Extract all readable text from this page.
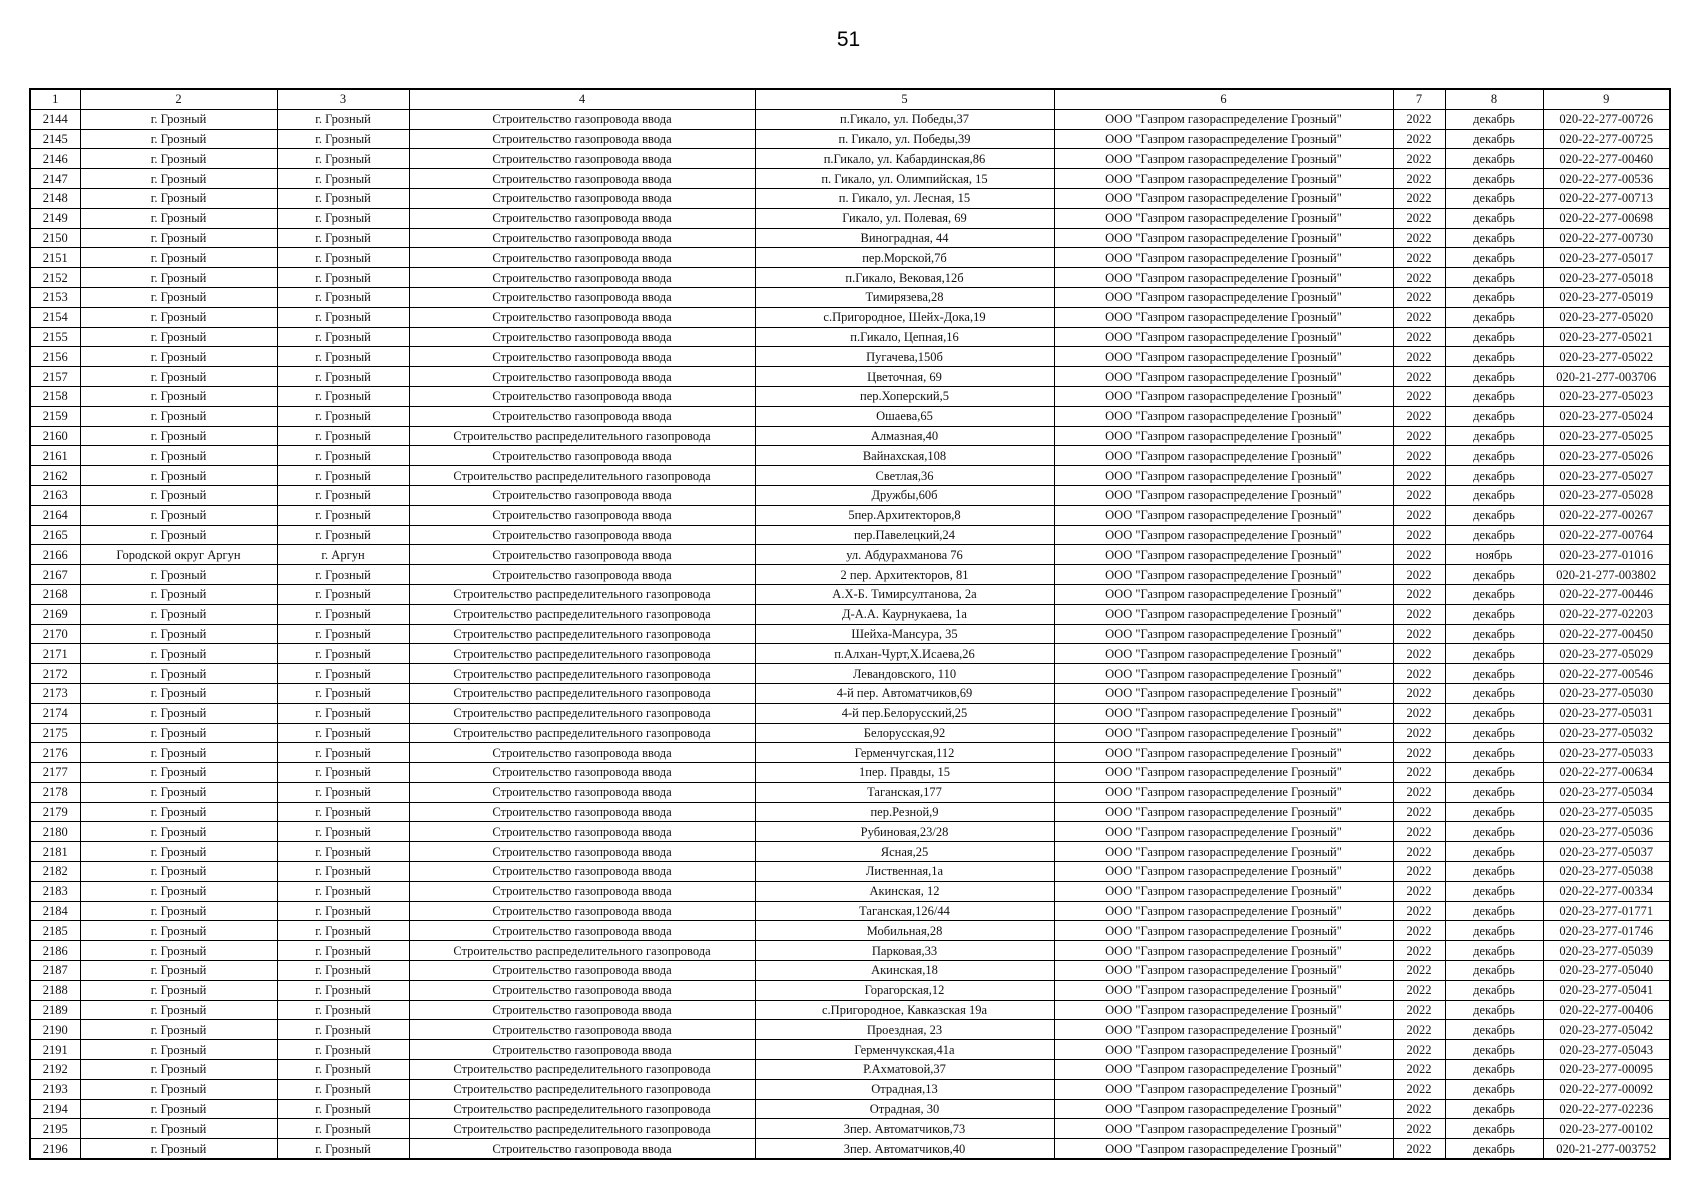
51
1	2	3	4	5	6	7	8	9
2144	г. Грозный	г. Грозный	Строительство газопровода ввода	п.Гикало, ул. Победы,37	ООО "Газпром газораспределение Грозный"	2022	декабрь	020-22-277-00726
2145	г. Грозный	г. Грозный	Строительство газопровода ввода	п. Гикало, ул. Победы,39	ООО "Газпром газораспределение Грозный"	2022	декабрь	020-22-277-00725
2146	г. Грозный	г. Грозный	Строительство газопровода ввода	п.Гикало, ул. Кабардинская,86	ООО "Газпром газораспределение Грозный"	2022	декабрь	020-22-277-00460
2147	г. Грозный	г. Грозный	Строительство газопровода ввода	п. Гикало, ул. Олимпийская, 15	ООО "Газпром газораспределение Грозный"	2022	декабрь	020-22-277-00536
2148	г. Грозный	г. Грозный	Строительство газопровода ввода	п. Гикало, ул. Лесная, 15	ООО "Газпром газораспределение Грозный"	2022	декабрь	020-22-277-00713
2149	г. Грозный	г. Грозный	Строительство газопровода ввода	Гикало, ул. Полевая, 69	ООО "Газпром газораспределение Грозный"	2022	декабрь	020-22-277-00698
2150	г. Грозный	г. Грозный	Строительство газопровода ввода	Виноградная, 44	ООО "Газпром газораспределение Грозный"	2022	декабрь	020-22-277-00730
2151	г. Грозный	г. Грозный	Строительство газопровода ввода	пер.Морской,7б	ООО "Газпром газораспределение Грозный"	2022	декабрь	020-23-277-05017
2152	г. Грозный	г. Грозный	Строительство газопровода ввода	п.Гикало, Вековая,12б	ООО "Газпром газораспределение Грозный"	2022	декабрь	020-23-277-05018
2153	г. Грозный	г. Грозный	Строительство газопровода ввода	Тимирязева,28	ООО "Газпром газораспределение Грозный"	2022	декабрь	020-23-277-05019
2154	г. Грозный	г. Грозный	Строительство газопровода ввода	с.Пригородное, Шейх-Дока,19	ООО "Газпром газораспределение Грозный"	2022	декабрь	020-23-277-05020
2155	г. Грозный	г. Грозный	Строительство газопровода ввода	п.Гикало, Цепная,16	ООО "Газпром газораспределение Грозный"	2022	декабрь	020-23-277-05021
2156	г. Грозный	г. Грозный	Строительство газопровода ввода	Пугачева,150б	ООО "Газпром газораспределение Грозный"	2022	декабрь	020-23-277-05022
2157	г. Грозный	г. Грозный	Строительство газопровода ввода	Цветочная, 69	ООО "Газпром газораспределение Грозный"	2022	декабрь	020-21-277-003706
2158	г. Грозный	г. Грозный	Строительство газопровода ввода	пер.Хоперский,5	ООО "Газпром газораспределение Грозный"	2022	декабрь	020-23-277-05023
2159	г. Грозный	г. Грозный	Строительство газопровода ввода	Ошаева,65	ООО "Газпром газораспределение Грозный"	2022	декабрь	020-23-277-05024
2160	г. Грозный	г. Грозный	Строительство распределительного газопровода	Алмазная,40	ООО "Газпром газораспределение Грозный"	2022	декабрь	020-23-277-05025
2161	г. Грозный	г. Грозный	Строительство газопровода ввода	Вайнахская,108	ООО "Газпром газораспределение Грозный"	2022	декабрь	020-23-277-05026
2162	г. Грозный	г. Грозный	Строительство распределительного газопровода	Светлая,36	ООО "Газпром газораспределение Грозный"	2022	декабрь	020-23-277-05027
2163	г. Грозный	г. Грозный	Строительство газопровода ввода	Дружбы,60б	ООО "Газпром газораспределение Грозный"	2022	декабрь	020-23-277-05028
2164	г. Грозный	г. Грозный	Строительство газопровода ввода	5пер.Архитекторов,8	ООО "Газпром газораспределение Грозный"	2022	декабрь	020-22-277-00267
2165	г. Грозный	г. Грозный	Строительство газопровода ввода	пер.Павелецкий,24	ООО "Газпром газораспределение Грозный"	2022	декабрь	020-22-277-00764
2166	Городской округ Аргун	г. Аргун	Строительство газопровода ввода	ул. Абдурахманова 76	ООО "Газпром газораспределение Грозный"	2022	ноябрь	020-23-277-01016
2167	г. Грозный	г. Грозный	Строительство газопровода ввода	2 пер. Архитекторов, 81	ООО "Газпром газораспределение Грозный"	2022	декабрь	020-21-277-003802
2168	г. Грозный	г. Грозный	Строительство распределительного газопровода	А.Х-Б. Тимирсултанова, 2а	ООО "Газпром газораспределение Грозный"	2022	декабрь	020-22-277-00446
2169	г. Грозный	г. Грозный	Строительство распределительного газопровода	Д-А.А. Каурнукаева, 1а	ООО "Газпром газораспределение Грозный"	2022	декабрь	020-22-277-02203
2170	г. Грозный	г. Грозный	Строительство распределительного газопровода	Шейха-Мансура, 35	ООО "Газпром газораспределение Грозный"	2022	декабрь	020-22-277-00450
2171	г. Грозный	г. Грозный	Строительство распределительного газопровода	п.Алхан-Чурт,Х.Исаева,26	ООО "Газпром газораспределение Грозный"	2022	декабрь	020-23-277-05029
2172	г. Грозный	г. Грозный	Строительство распределительного газопровода	Левандовского, 110	ООО "Газпром газораспределение Грозный"	2022	декабрь	020-22-277-00546
2173	г. Грозный	г. Грозный	Строительство распределительного газопровода	4-й пер. Автоматчиков,69	ООО "Газпром газораспределение Грозный"	2022	декабрь	020-23-277-05030
2174	г. Грозный	г. Грозный	Строительство распределительного газопровода	4-й пер.Белорусский,25	ООО "Газпром газораспределение Грозный"	2022	декабрь	020-23-277-05031
2175	г. Грозный	г. Грозный	Строительство распределительного газопровода	Белорусская,92	ООО "Газпром газораспределение Грозный"	2022	декабрь	020-23-277-05032
2176	г. Грозный	г. Грозный	Строительство газопровода ввода	Герменчугская,112	ООО "Газпром газораспределение Грозный"	2022	декабрь	020-23-277-05033
2177	г. Грозный	г. Грозный	Строительство газопровода ввода	1пер. Правды, 15	ООО "Газпром газораспределение Грозный"	2022	декабрь	020-22-277-00634
2178	г. Грозный	г. Грозный	Строительство газопровода ввода	Таганская,177	ООО "Газпром газораспределение Грозный"	2022	декабрь	020-23-277-05034
2179	г. Грозный	г. Грозный	Строительство газопровода ввода	пер.Резной,9	ООО "Газпром газораспределение Грозный"	2022	декабрь	020-23-277-05035
2180	г. Грозный	г. Грозный	Строительство газопровода ввода	Рубиновая,23/28	ООО "Газпром газораспределение Грозный"	2022	декабрь	020-23-277-05036
2181	г. Грозный	г. Грозный	Строительство газопровода ввода	Ясная,25	ООО "Газпром газораспределение Грозный"	2022	декабрь	020-23-277-05037
2182	г. Грозный	г. Грозный	Строительство газопровода ввода	Лиственная,1а	ООО "Газпром газораспределение Грозный"	2022	декабрь	020-23-277-05038
2183	г. Грозный	г. Грозный	Строительство газопровода ввода	Акинская, 12	ООО "Газпром газораспределение Грозный"	2022	декабрь	020-22-277-00334
2184	г. Грозный	г. Грозный	Строительство газопровода ввода	Таганская,126/44	ООО "Газпром газораспределение Грозный"	2022	декабрь	020-23-277-01771
2185	г. Грозный	г. Грозный	Строительство газопровода ввода	Мобильная,28	ООО "Газпром газораспределение Грозный"	2022	декабрь	020-23-277-01746
2186	г. Грозный	г. Грозный	Строительство распределительного газопровода	Парковая,33	ООО "Газпром газораспределение Грозный"	2022	декабрь	020-23-277-05039
2187	г. Грозный	г. Грозный	Строительство газопровода ввода	Акинская,18	ООО "Газпром газораспределение Грозный"	2022	декабрь	020-23-277-05040
2188	г. Грозный	г. Грозный	Строительство газопровода ввода	Горагорская,12	ООО "Газпром газораспределение Грозный"	2022	декабрь	020-23-277-05041
2189	г. Грозный	г. Грозный	Строительство газопровода ввода	с.Пригородное, Кавказская 19а	ООО "Газпром газораспределение Грозный"	2022	декабрь	020-22-277-00406
2190	г. Грозный	г. Грозный	Строительство газопровода ввода	Проездная, 23	ООО "Газпром газораспределение Грозный"	2022	декабрь	020-23-277-05042
2191	г. Грозный	г. Грозный	Строительство газопровода ввода	Герменчукская,41а	ООО "Газпром газораспределение Грозный"	2022	декабрь	020-23-277-05043
2192	г. Грозный	г. Грозный	Строительство распределительного газопровода	Р.Ахматовой,37	ООО "Газпром газораспределение Грозный"	2022	декабрь	020-23-277-00095
2193	г. Грозный	г. Грозный	Строительство распределительного газопровода	Отрадная,13	ООО "Газпром газораспределение Грозный"	2022	декабрь	020-22-277-00092
2194	г. Грозный	г. Грозный	Строительство распределительного газопровода	Отрадная, 30	ООО "Газпром газораспределение Грозный"	2022	декабрь	020-22-277-02236
2195	г. Грозный	г. Грозный	Строительство распределительного газопровода	3пер. Автоматчиков,73	ООО "Газпром газораспределение Грозный"	2022	декабрь	020-23-277-00102
2196	г. Грозный	г. Грозный	Строительство газопровода ввода	3пер. Автоматчиков,40	ООО "Газпром газораспределение Грозный"	2022	декабрь	020-21-277-003752
